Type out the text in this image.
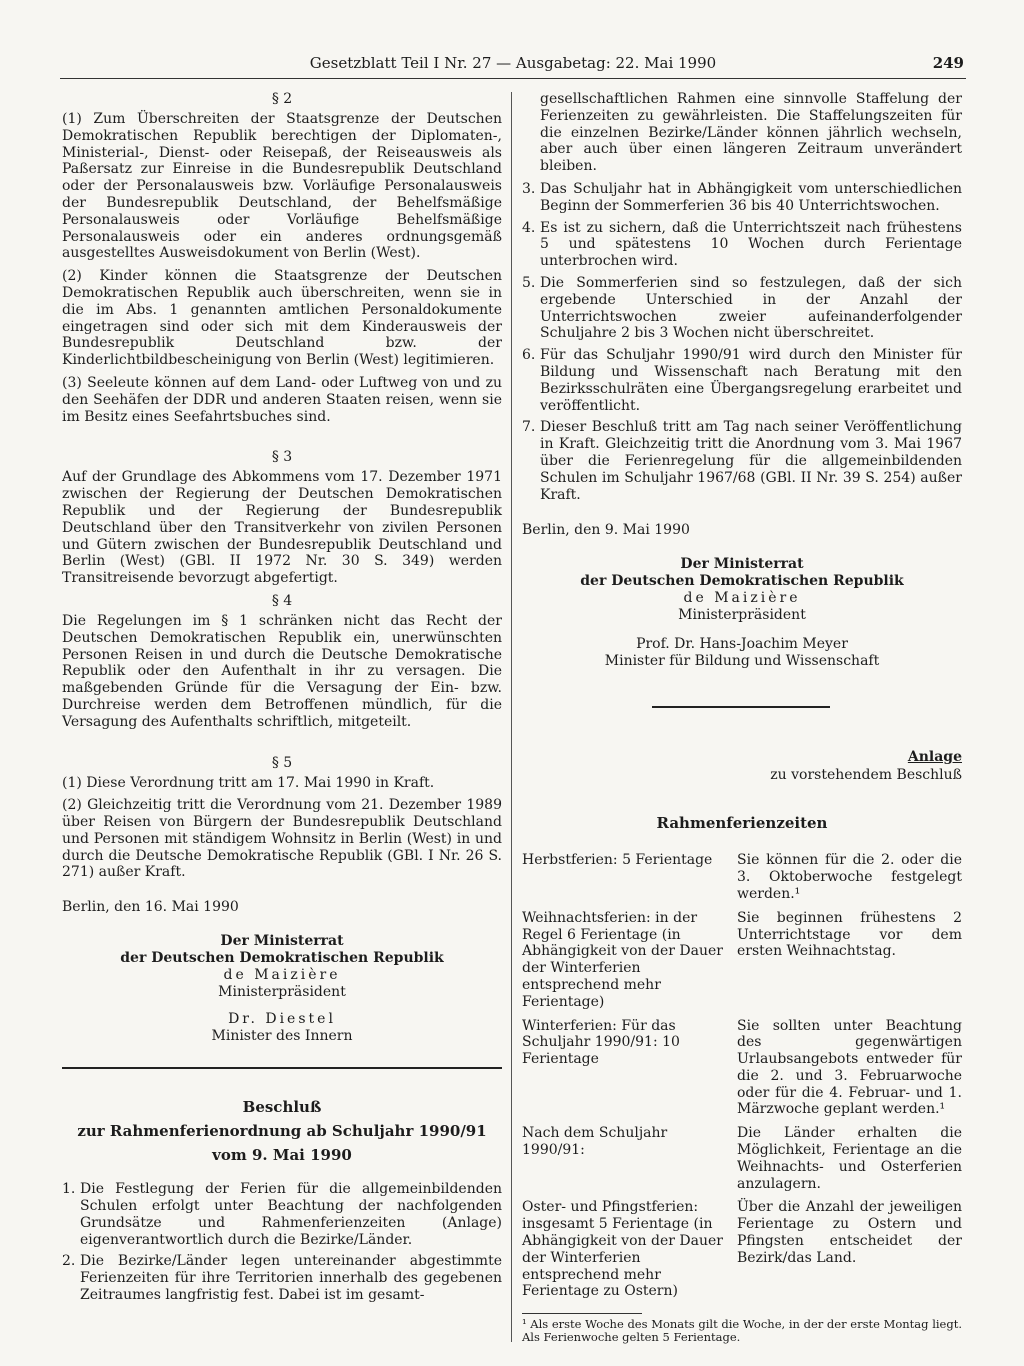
Gesetzblatt Teil I Nr. 27 — Ausgabetag: 22. Mai 1990	249
§ 2

(1) Zum Überschreiten der Staatsgrenze der Deutschen Demokratischen Republik berechtigen der Diplomaten-, Ministerial-, Dienst- oder Reisepaß, der Reiseausweis als Paßersatz zur Einreise in die Bundesrepublik Deutschland oder der Personalausweis bzw. Vorläufige Personalausweis der Bundesrepublik Deutschland, der Behelfsmäßige Personalausweis oder Vorläufige Behelfsmäßige Personalausweis oder ein anderes ordnungsgemäß ausgestelltes Ausweisdokument von Berlin (West).

(2) Kinder können die Staatsgrenze der Deutschen Demokratischen Republik auch überschreiten, wenn sie in die im Abs. 1 genannten amtlichen Personaldokumente eingetragen sind oder sich mit dem Kinderausweis der Bundesrepublik Deutschland bzw. der Kinderlichtbildbescheinigung von Berlin (West) legitimieren.

(3) Seeleute können auf dem Land- oder Luftweg von und zu den Seehäfen der DDR und anderen Staaten reisen, wenn sie im Besitz eines Seefahrtsbuches sind.

§ 3

Auf der Grundlage des Abkommens vom 17. Dezember 1971 zwischen der Regierung der Deutschen Demokratischen Republik und der Regierung der Bundesrepublik Deutschland über den Transitverkehr von zivilen Personen und Gütern zwischen der Bundesrepublik Deutschland und Berlin (West) (GBl. II 1972 Nr. 30 S. 349) werden Transitreisende bevorzugt abgefertigt.

§ 4

Die Regelungen im § 1 schränken nicht das Recht der Deutschen Demokratischen Republik ein, unerwünschten Personen Reisen in und durch die Deutsche Demokratische Republik oder den Aufenthalt in ihr zu versagen. Die maßgebenden Gründe für die Versagung der Ein- bzw. Durchreise werden dem Betroffenen mündlich, für die Versagung des Aufenthalts schriftlich, mitgeteilt.

§ 5

(1) Diese Verordnung tritt am 17. Mai 1990 in Kraft.

(2) Gleichzeitig tritt die Verordnung vom 21. Dezember 1989 über Reisen von Bürgern der Bundesrepublik Deutschland und Personen mit ständigem Wohnsitz in Berlin (West) in und durch die Deutsche Demokratische Republik (GBl. I Nr. 26 S. 271) außer Kraft.

Berlin, den 16. Mai 1990
Der Ministerrat
der Deutschen Demokratischen Republik
de Maizière
Ministerpräsident
Dr. Diestel
Minister des Innern
Beschluß
zur Rahmenferienordnung ab Schuljahr 1990/91
vom 9. Mai 1990
1. Die Festlegung der Ferien für die allgemeinbildenden Schulen erfolgt unter Beachtung der nachfolgenden Grundsätze und Rahmenferienzeiten (Anlage) eigenverantwortlich durch die Bezirke/Länder.
2. Die Bezirke/Länder legen untereinander abgestimmte Ferienzeiten für ihre Territorien innerhalb des gegebenen Zeitraumes langfristig fest. Dabei ist im gesamt-

gesellschaftlichen Rahmen eine sinnvolle Staffelung der Ferienzeiten zu gewährleisten. Die Staffelungszeiten für die einzelnen Bezirke/Länder können jährlich wechseln, aber auch über einen längeren Zeitraum unverändert bleiben.

3. Das Schuljahr hat in Abhängigkeit vom unterschiedlichen Beginn der Sommerferien 36 bis 40 Unterrichtswochen.
4. Es ist zu sichern, daß die Unterrichtszeit nach frühestens 5 und spätestens 10 Wochen durch Ferientage unterbrochen wird.
5. Die Sommerferien sind so festzulegen, daß der sich ergebende Unterschied in der Anzahl der Unterrichtswochen zweier aufeinanderfolgender Schuljahre 2 bis 3 Wochen nicht überschreitet.
6. Für das Schuljahr 1990/91 wird durch den Minister für Bildung und Wissenschaft nach Beratung mit den Bezirksschulräten eine Übergangsregelung erarbeitet und veröffentlicht.
7. Dieser Beschluß tritt am Tag nach seiner Veröffentlichung in Kraft. Gleichzeitig tritt die Anordnung vom 3. Mai 1967 über die Ferienregelung für die allgemeinbildenden Schulen im Schuljahr 1967/68 (GBl. II Nr. 39 S. 254) außer Kraft.
Berlin, den 9. Mai 1990
Der Ministerrat
der Deutschen Demokratischen Republik
de Maizière
Ministerpräsident
Prof. Dr. Hans-Joachim Meyer
Minister für Bildung und Wissenschaft
Anlage
zu vorstehendem Beschluß
Rahmenferienzeiten
Herbstferien: 5 Ferientage	Sie können für die 2. oder die 3. Oktoberwoche festgelegt werden.¹
Weihnachtsferien: in der Regel 6 Ferientage (in Abhängigkeit von der Dauer der Winterferien entsprechend mehr Ferientage)	Sie beginnen frühestens 2 Unterrichtstage vor dem ersten Weihnachtstag.
Winterferien: Für das Schuljahr 1990/91: 10 Ferientage	Sie sollten unter Beachtung des gegenwärtigen Urlaubsangebots entweder für die 2. und 3. Februarwoche oder für die 4. Februar- und 1. Märzwoche geplant werden.¹
Nach dem Schuljahr 1990/91:	Die Länder erhalten die Möglichkeit, Ferientage an die Weihnachts- und Osterferien anzulagern.
Oster- und Pfingstferien: insgesamt 5 Ferientage (in Abhängigkeit von der Dauer der Winterferien entsprechend mehr Ferientage zu Ostern)	Über die Anzahl der jeweiligen Ferientage zu Ostern und Pfingsten entscheidet der Bezirk/das Land.
¹ Als erste Woche des Monats gilt die Woche, in der der erste Montag liegt. Als Ferienwoche gelten 5 Ferientage.
